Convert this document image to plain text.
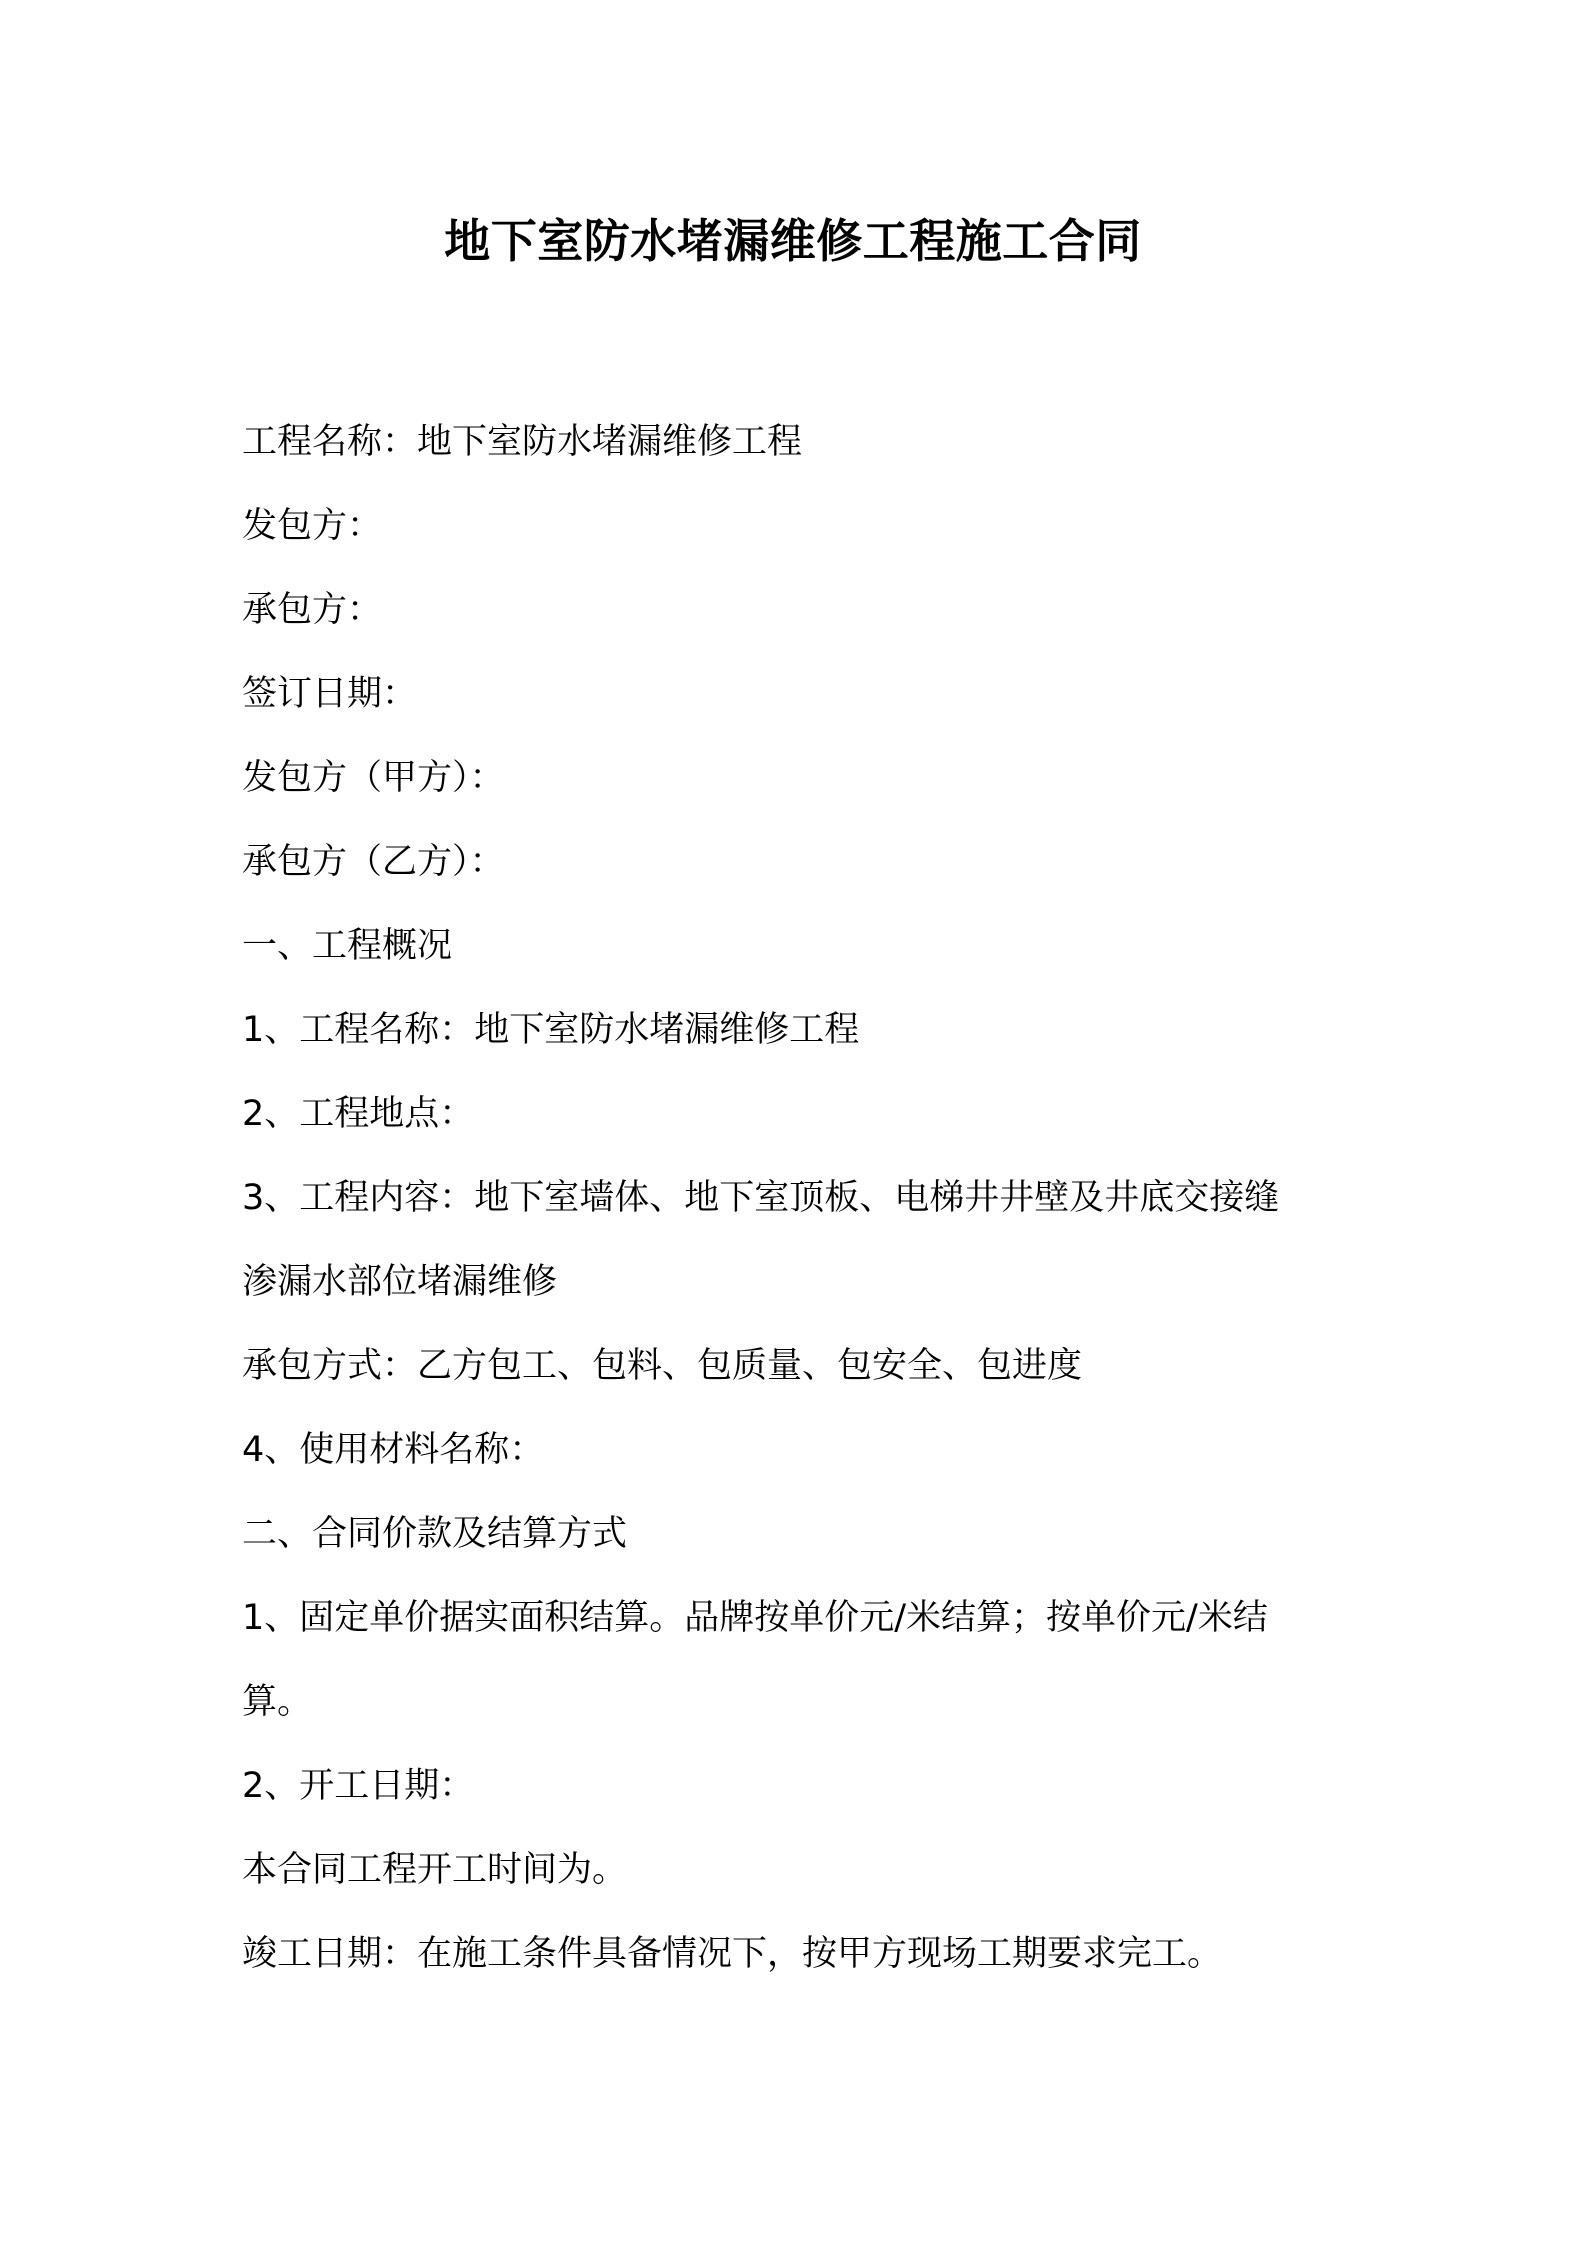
地下室防水堵漏维修工程施工合同

工程名称：地下室防水堵漏维修工程

发包方：

承包方：

签订日期：

发包方（甲方）：

承包方（乙方）：

一、工程概况

1、工程名称：地下室防水堵漏维修工程

2、工程地点：

3、工程内容：地下室墙体、地下室顶板、电梯井井壁及井底交接缝

渗漏水部位堵漏维修

承包方式：乙方包工、包料、包质量、包安全、包进度

4、使用材料名称：

二、合同价款及结算方式

1、固定单价据实面积结算。品牌按单价元/米结算；按单价元/米结

算。

2、开工日期：

本合同工程开工时间为。

竣工日期：在施工条件具备情况下，按甲方现场工期要求完工。
